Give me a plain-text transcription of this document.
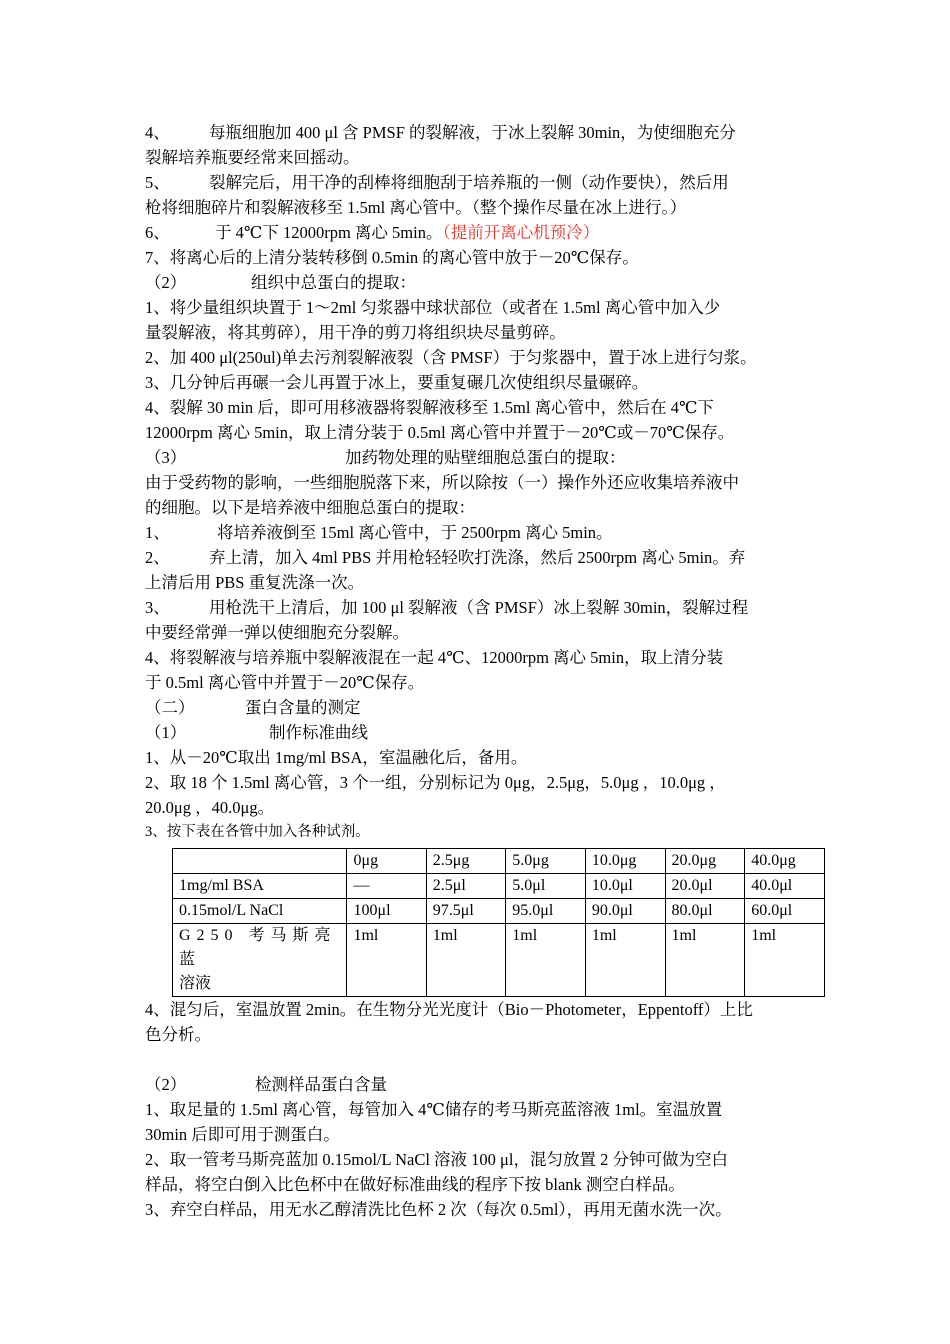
4、 每瓶细胞加 400 μl 含 PMSF 的裂解液，于冰上裂解 30min，为使细胞充分

裂解培养瓶要经常来回摇动。

5、 裂解完后，用干净的刮棒将细胞刮于培养瓶的一侧（动作要快），然后用

枪将细胞碎片和裂解液移至 1.5ml 离心管中。（整个操作尽量在冰上进行。）

6、	于 4℃下 12000rpm 离心 5min。（提前开离心机预冷）

7、将离心后的上清分装转移倒 0.5min 的离心管中放于－20℃保存。

（2）	组织中总蛋白的提取：

1、将少量组织块置于 1～2ml 匀浆器中球状部位（或者在 1.5ml 离心管中加入少

量裂解液，将其剪碎），用干净的剪刀将组织块尽量剪碎。

2、加 400 μl(250ul)单去污剂裂解液裂（含 PMSF）于匀浆器中，置于冰上进行匀浆。

3、几分钟后再碾一会儿再置于冰上，要重复碾几次使组织尽量碾碎。

4、裂解 30 min 后，即可用移液器将裂解液移至 1.5ml 离心管中，然后在 4℃下

12000rpm 离心 5min，取上清分装于 0.5ml 离心管中并置于－20℃或－70℃保存。

（3）	加药物处理的贴壁细胞总蛋白的提取：

由于受药物的影响，一些细胞脱落下来，所以除按（一）操作外还应收集培养液中

的细胞。以下是培养液中细胞总蛋白的提取：

1、	将培养液倒至 15ml 离心管中，于 2500rpm 离心 5min。

2、 弃上清，加入 4ml PBS 并用枪轻轻吹打洗涤，然后 2500rpm 离心 5min。弃

上清后用 PBS 重复洗涤一次。

3、 用枪洗干上清后，加 100 μl 裂解液（含 PMSF）冰上裂解 30min，裂解过程

中要经常弹一弹以使细胞充分裂解。

4、将裂解液与培养瓶中裂解液混在一起 4℃、12000rpm 离心 5min，取上清分装

于 0.5ml 离心管中并置于－20℃保存。

（二）	蛋白含量的测定

（1）	制作标准曲线

1、从－20℃取出 1mg/ml BSA，室温融化后，备用。

2、取 18 个 1.5ml 离心管，3 个一组，分别标记为 0μg，2.5μg，5.0μg ，10.0μg ，

20.0μg ，40.0μg。

3、按下表在各管中加入各种试剂。

	0μg	2.5μg	5.0μg	10.0μg	20.0μg	40.0μg
1mg/ml BSA	—	2.5μl	5.0μl	10.0μl	20.0μl	40.0μl
0.15mol/L NaCl	100μl	97.5μl	95.0μl	90.0μl	80.0μl	60.0μl

G250 考马斯亮蓝
溶液	1ml	1ml	1ml	1ml	1ml	1ml

4、混匀后，室温放置 2min。在生物分光光度计（Bio－Photometer，Eppentoff）上比

色分析。

（2）	检测样品蛋白含量

1、取足量的 1.5ml 离心管，每管加入 4℃储存的考马斯亮蓝溶液 1ml。室温放置

30min 后即可用于测蛋白。

2、取一管考马斯亮蓝加 0.15mol/L NaCl 溶液 100 μl，混匀放置 2 分钟可做为空白

样品，将空白倒入比色杯中在做好标准曲线的程序下按 blank 测空白样品。

3、弃空白样品，用无水乙醇清洗比色杯 2 次（每次 0.5ml），再用无菌水洗一次。
